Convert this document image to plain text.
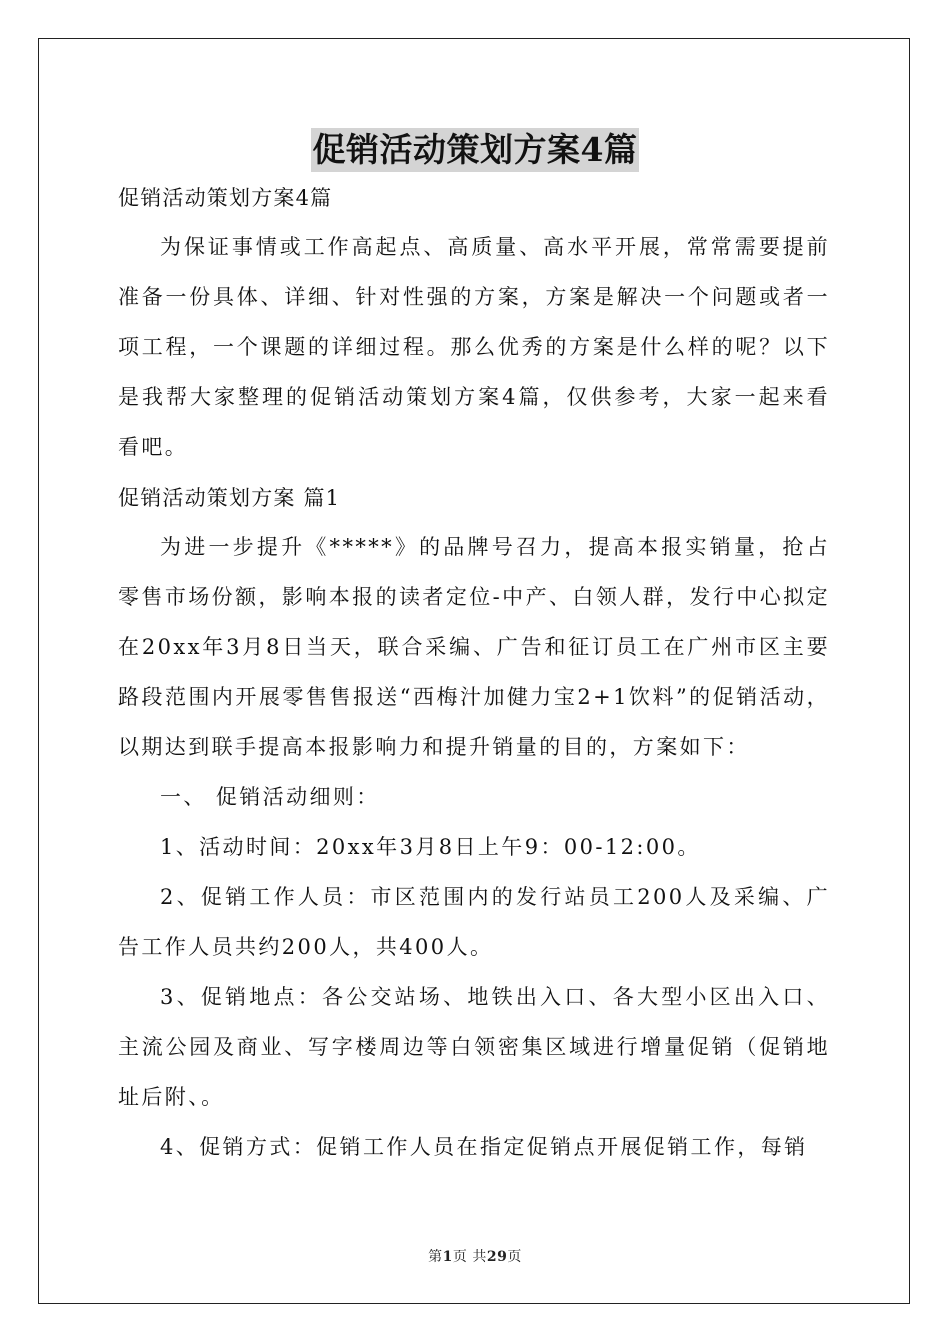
促销活动策划方案4篇

促销活动策划方案4篇

为保证事情或工作高起点、高质量、高水平开展，常常需要提前准备一份具体、详细、针对性强的方案，方案是解决一个问题或者一项工程，一个课题的详细过程。那么优秀的方案是什么样的呢？以下是我帮大家整理的促销活动策划方案4篇，仅供参考，大家一起来看看吧。

促销活动策划方案 篇1

为进一步提升《*****》的品牌号召力，提高本报实销量，抢占零售市场份额，影响本报的读者定位-中产、白领人群，发行中心拟定在20xx年3月8日当天，联合采编、广告和征订员工在广州市区主要路段范围内开展零售售报送“西梅汁加健力宝2+1饮料”的促销活动，以期达到联手提高本报影响力和提升销量的目的，方案如下：

一、 促销活动细则：

1、活动时间：20xx年3月8日上午9：00-12:00。

2、促销工作人员：市区范围内的发行站员工200人及采编、广告工作人员共约200人，共400人。

3、促销地点：各公交站场、地铁出入口、各大型小区出入口、主流公园及商业、写字楼周边等白领密集区域进行增量促销（促销地址后附、。

4、促销方式：促销工作人员在指定促销点开展促销工作，每销

第1页 共29页
